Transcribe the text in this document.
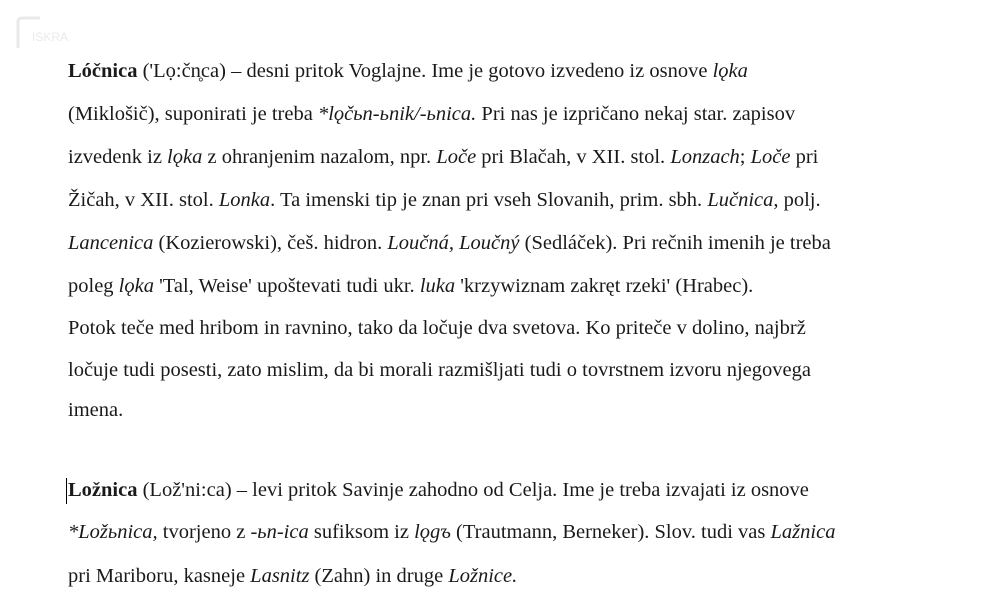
ISKRA
Lóčnica ('Lọ:čn̥ca) – desni pritok Voglajne. Ime je gotovo izvedeno iz osnove lǫka
(Miklošič), suponirati je treba *lǫčьn-ьnik/-ьnica. Pri nas je izpričano nekaj star. zapisov
izvedenk iz lǫka z ohranjenim nazalom, npr. Loče pri Blačah, v XII. stol. Lonzach; Loče pri
Žičah, v XII. stol. Lonka. Ta imenski tip je znan pri vseh Slovanih, prim. sbh. Lučnica, polj.
Lancenica (Kozierowski), češ. hidron. Loučná, Loučný (Sedláček). Pri rečnih imenih je treba
poleg lǫka 'Tal, Weise' upoštevati tudi ukr. luka 'krzywiznam zakręt rzeki' (Hrabec).
Potok teče med hribom in ravnino, tako da ločuje dva svetova. Ko priteče v dolino, najbrž
ločuje tudi posesti, zato mislim, da bi morali razmišljati tudi o tovrstnem izvoru njegovega
imena.
Ložnica (Lož'ni:ca) – levi pritok Savinje zahodno od Celja. Ime je treba izvajati iz osnove
*Ložьnica, tvorjeno z -ьn-ica sufiksom iz lǫgъ (Trautmann, Berneker). Slov. tudi vas Lažnica
pri Mariboru, kasneje Lasnitz (Zahn) in druge Ložnice.
